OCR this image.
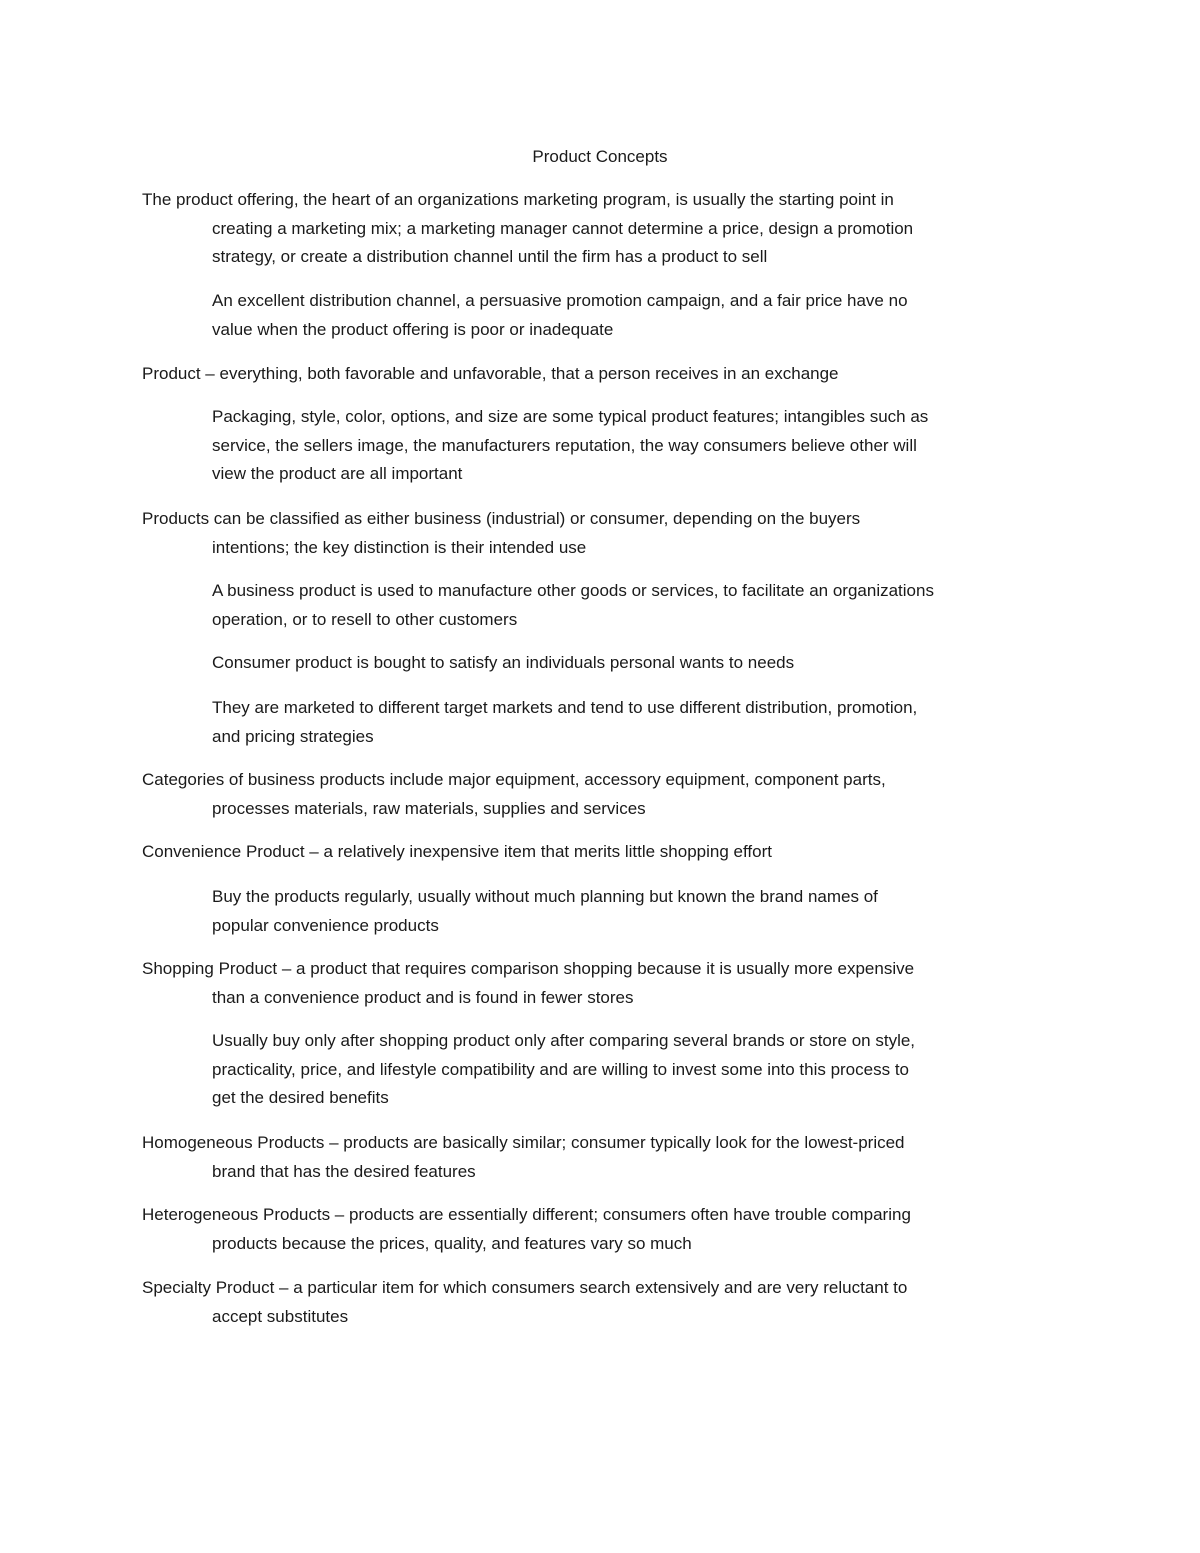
Product Concepts
The product offering, the heart of an organizations marketing program, is usually the starting point in
creating a marketing mix; a marketing manager cannot determine a price, design a promotion
strategy, or create a distribution channel until the firm has a product to sell
An excellent distribution channel, a persuasive promotion campaign, and a fair price have no
value when the product offering is poor or inadequate
Product – everything, both favorable and unfavorable, that a person receives in an exchange
Packaging, style, color, options, and size are some typical product features; intangibles such as
service, the sellers image, the manufacturers reputation, the way consumers believe other will
view the product are all important
Products can be classified as either business (industrial) or consumer, depending on the buyers
intentions; the key distinction is their intended use
A business product is used to manufacture other goods or services, to facilitate an organizations
operation, or to resell to other customers
Consumer product is bought to satisfy an individuals personal wants to needs
They are marketed to different target markets and tend to use different distribution, promotion,
and pricing strategies
Categories of business products include major equipment, accessory equipment, component parts,
processes materials, raw materials, supplies and services
Convenience Product – a relatively inexpensive item that merits little shopping effort
Buy the products regularly, usually without much planning but known the brand names of
popular convenience products
Shopping Product – a product that requires comparison shopping because it is usually more expensive
than a convenience product and is found in fewer stores
Usually buy only after shopping product only after comparing several brands or store on style,
practicality, price, and lifestyle compatibility and are willing to invest some into this process to
get the desired benefits
Homogeneous Products – products are basically similar; consumer typically look for the lowest-priced
brand that has the desired features
Heterogeneous Products – products are essentially different; consumers often have trouble comparing
products because the prices, quality, and features vary so much
Specialty Product – a particular item for which consumers search extensively and are very reluctant to
accept substitutes
